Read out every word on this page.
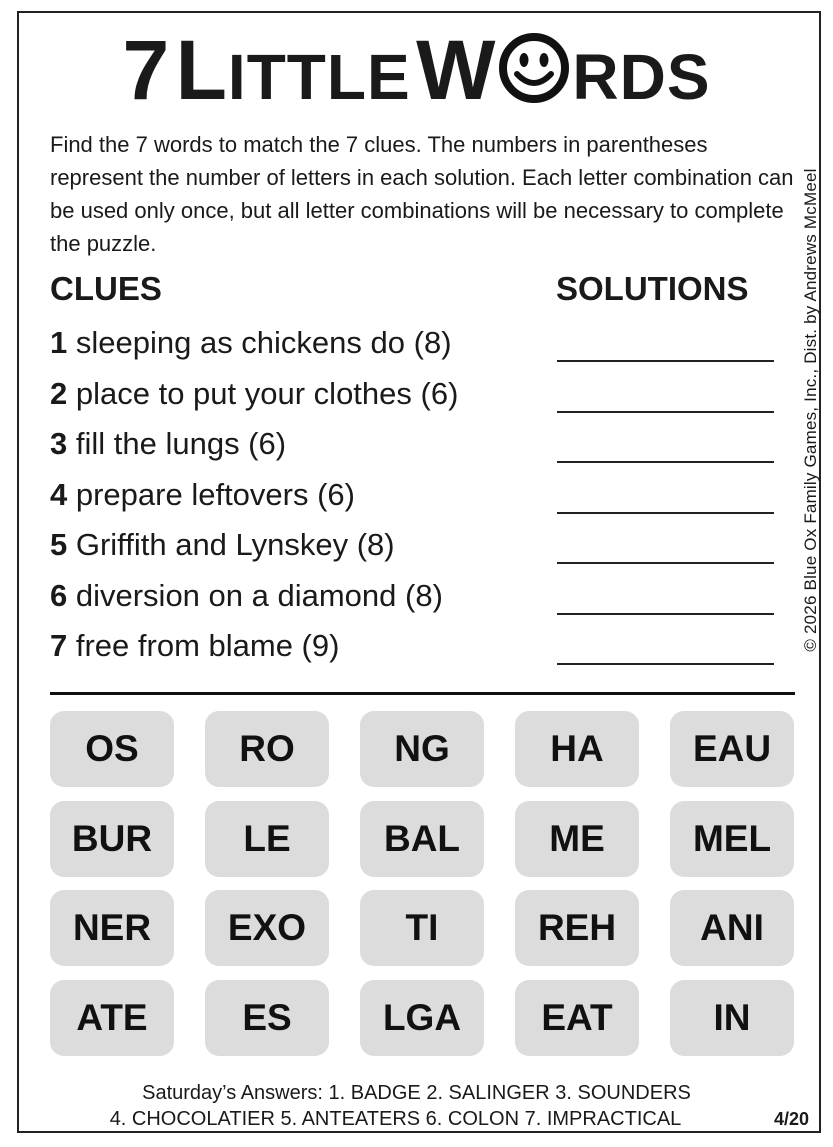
7 LITTLE W RDS
Find the 7 words to match the 7 clues. The numbers in parentheses represent the number of letters in each solution. Each letter combination can be used only once, but all letter combinations will be necessary to complete the puzzle.	© 2026 Blue Ox Family Games, Inc., Dist. by Andrews McMeel
CLUES	SOLUTIONS
1 sleeping as chickens do (8)
2 place to put your clothes (6)
3 fill the lungs (6)
4 prepare leftovers (6)
5 Griffith and Lynskey (8)
6 diversion on a diamond (8)
7 free from blame (9)
OS	RO	NG	HA	EAU
BUR	LE	BAL	ME	MEL
NER	EXO	TI	REH	ANI
ATE	ES	LGA	EAT	IN
Saturday’s Answers: 1. BADGE 2. SALINGER 3. SOUNDERS
4. CHOCOLATIER 5. ANTEATERS 6. COLON 7. IMPRACTICAL	4/20
